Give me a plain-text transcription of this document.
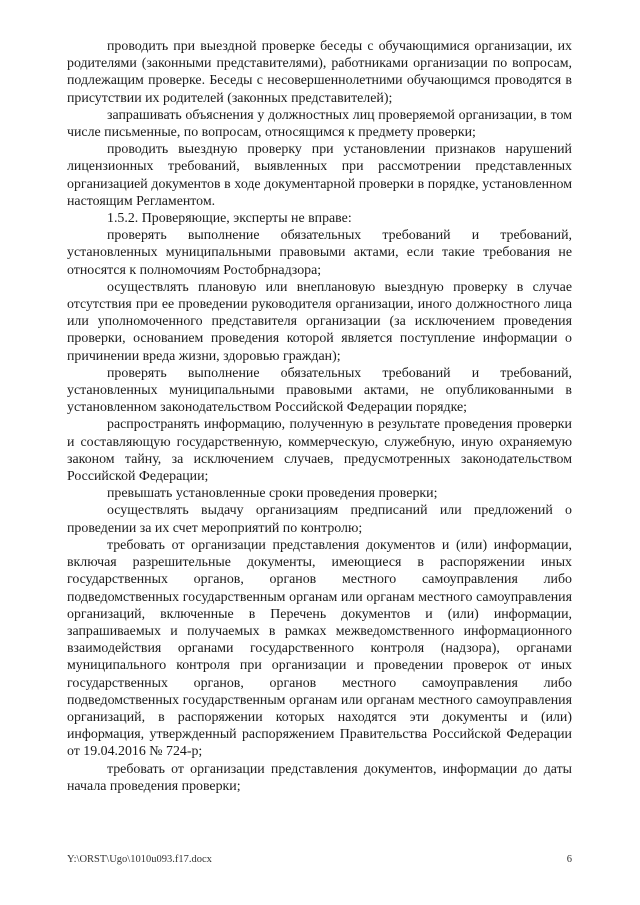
проводить при выездной проверке беседы с обучающимися организации, их родителями (законными представителями), работниками организации по вопросам, подлежащим проверке. Беседы с несовершеннолетними обучающимся проводятся в присутствии их родителей (законных представителей);

запрашивать объяснения у должностных лиц проверяемой организации, в том числе письменные, по вопросам, относящимся к предмету проверки;

проводить выездную проверку при установлении признаков нарушений лицензионных требований, выявленных при рассмотрении представленных организацией документов в ходе документарной проверки в порядке, установленном настоящим Регламентом.

1.5.2. Проверяющие, эксперты не вправе:

проверять выполнение обязательных требований и требований, установленных муниципальными правовыми актами, если такие требования не относятся к полномочиям Ростобрнадзора;

осуществлять плановую или внеплановую выездную проверку в случае отсутствия при ее проведении руководителя организации, иного должностного лица или уполномоченного представителя организации (за исключением проведения проверки, основанием проведения которой является поступление информации о причинении вреда жизни, здоровью граждан);

проверять выполнение обязательных требований и требований, установленных муниципальными правовыми актами, не опубликованными в установленном законодательством Российской Федерации порядке;

распространять информацию, полученную в результате проведения проверки и составляющую государственную, коммерческую, служебную, иную охраняемую законом тайну, за исключением случаев, предусмотренных законодательством Российской Федерации;

превышать установленные сроки проведения проверки;

осуществлять выдачу организациям предписаний или предложений о проведении за их счет мероприятий по контролю;

требовать от организации представления документов и (или) информации, включая разрешительные документы, имеющиеся в распоряжении иных государственных органов, органов местного самоуправления либо подведомственных государственным органам или органам местного самоуправления организаций, включенные в Перечень документов и (или) информации, запрашиваемых и получаемых в рамках межведомственного информационного взаимодействия органами государственного контроля (надзора), органами муниципального контроля при организации и проведении проверок от иных государственных органов, органов местного самоуправления либо подведомственных государственным органам или органам местного самоуправления организаций, в распоряжении которых находятся эти документы и (или) информация, утвержденный распоряжением Правительства Российской Федерации от 19.04.2016 № 724-р;

требовать от организации представления документов, информации до даты начала проведения проверки;

Y:\ORST\Ugo\1010u093.f17.docx	6
